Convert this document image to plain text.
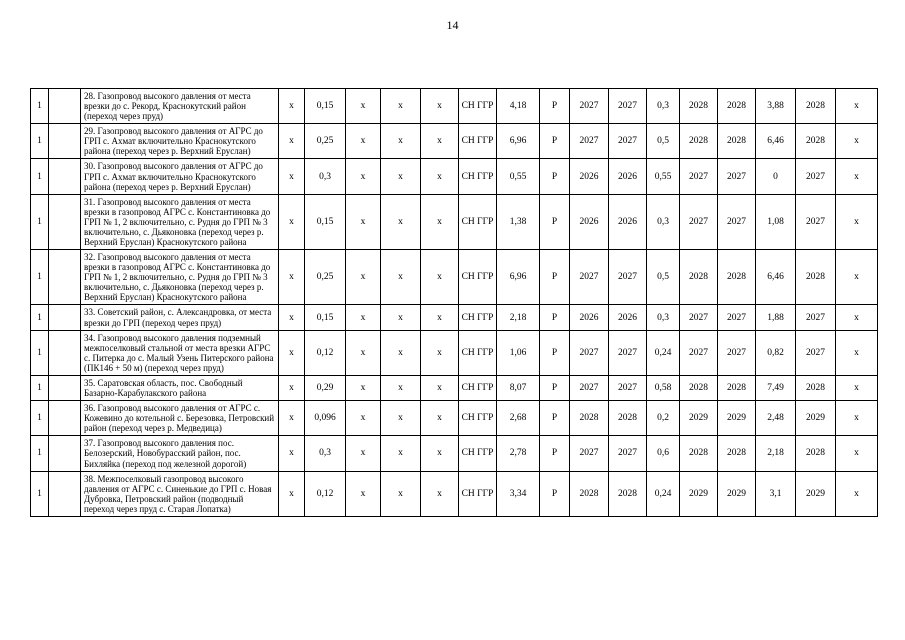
14
1		28. Газопровод высокого давления от места врезки до с. Рекорд, Краснокутский район (переход через пруд)	x	0,15	x	x	x	СН ГГР	4,18	Р	2027	2027	0,3	2028	2028	3,88	2028	x
1		29. Газопровод высокого давления от АГРС до ГРП с. Ахмат включительно Краснокутского района (переход через р. Верхний Еруслан)	x	0,25	x	x	x	СН ГГР	6,96	Р	2027	2027	0,5	2028	2028	6,46	2028	x
1		30. Газопровод высокого давления от АГРС до ГРП с. Ахмат включительно Краснокутского района (переход через р. Верхний Еруслан)	x	0,3	x	x	x	СН ГГР	0,55	Р	2026	2026	0,55	2027	2027	0	2027	x
1		31. Газопровод высокого давления от места врезки в газопровод АГРС с. Константиновка до ГРП № 1, 2 включительно, с. Рудня до ГРП № 3 включительно, с. Дьяконовка (переход через р. Верхний Еруслан) Краснокутского района	x	0,15	x	x	x	СН ГГР	1,38	Р	2026	2026	0,3	2027	2027	1,08	2027	x
1		32. Газопровод высокого давления от места врезки в газопровод АГРС с. Константиновка до ГРП № 1, 2 включительно, с. Рудня до ГРП № 3 включительно, с. Дьяконовка (переход через р. Верхний Еруслан) Краснокутского района	x	0,25	x	x	x	СН ГГР	6,96	Р	2027	2027	0,5	2028	2028	6,46	2028	x
1		33. Советский район, с. Александровка, от места врезки до ГРП (переход через пруд)	x	0,15	x	x	x	СН ГГР	2,18	Р	2026	2026	0,3	2027	2027	1,88	2027	x
1		34. Газопровод высокого давления подземный межпоселковый стальной от места врезки АГРС с. Питерка до с. Малый Узень Питерского района (ПК146 + 50 м) (переход через пруд)	x	0,12	x	x	x	СН ГГР	1,06	Р	2027	2027	0,24	2027	2027	0,82	2027	x
1		35. Саратовская область, пос. Свободный Базарно-Карабулакского района	x	0,29	x	x	x	СН ГГР	8,07	Р	2027	2027	0,58	2028	2028	7,49	2028	x
1		36. Газопровод высокого давления от АГРС с. Кожевино до котельной с. Березовка, Петровский район (переход через р. Медведица)	x	0,096	x	x	x	СН ГГР	2,68	Р	2028	2028	0,2	2029	2029	2,48	2029	x
1		37. Газопровод высокого давления пос. Белозерский, Новобурасский район, пос. Бихляйка (переход под железной дорогой)	x	0,3	x	x	x	СН ГГР	2,78	Р	2027	2027	0,6	2028	2028	2,18	2028	x
1		38. Межпоселковый газопровод высокого давления от АГРС с. Синенькие до ГРП с. Новая Дубровка, Петровский район (подводный переход через пруд с. Старая Лопатка)	x	0,12	x	x	x	СН ГГР	3,34	Р	2028	2028	0,24	2029	2029	3,1	2029	x
